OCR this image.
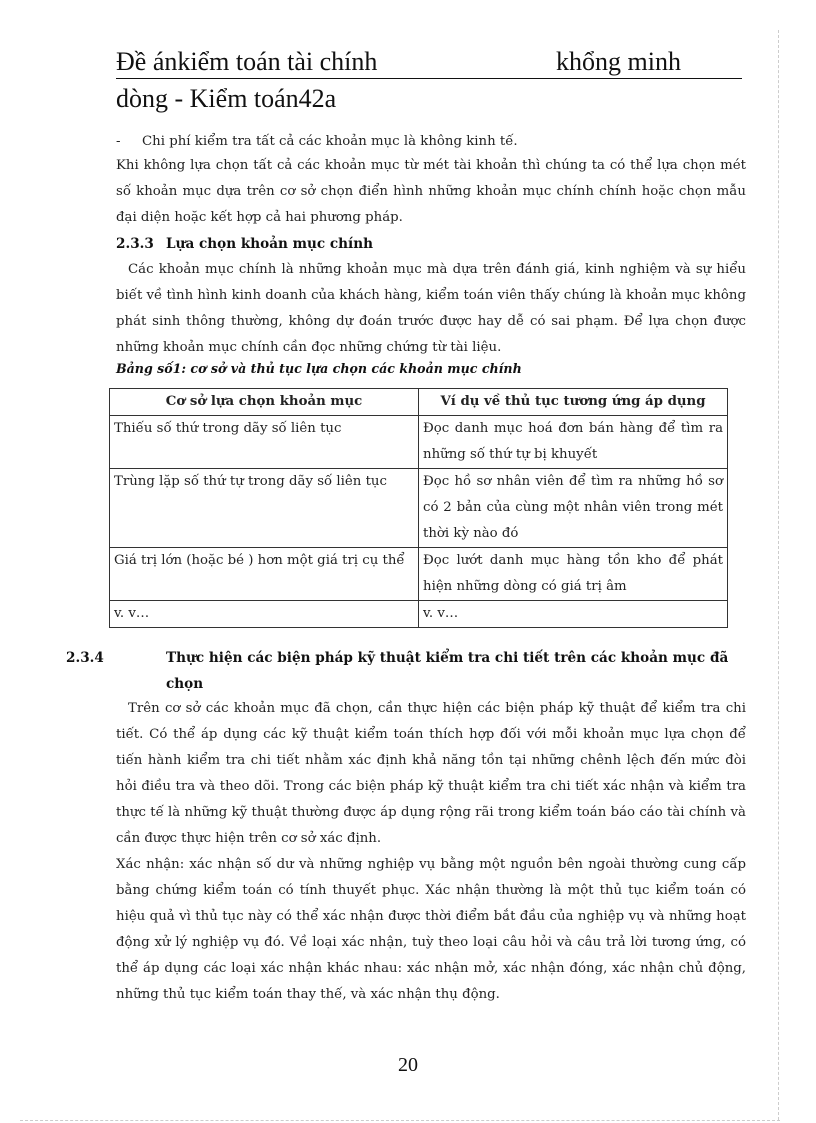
Đề ánkiểm toán tài chính	khổng minh
dòng - Kiểm toán42a
- Chi phí kiểm tra tất cả các khoản mục là không kinh tế.
Khi không lựa chọn tất cả các khoản mục từ mét tài khoản thì chúng ta có thể lựa chọn mét số khoản mục dựa trên cơ sở chọn điển hình những khoản mục chính chính hoặc chọn mẫu đại diện hoặc kết hợp cả hai phương pháp.
2.3.3 Lựa chọn khoản mục chính
Các khoản mục chính là những khoản mục mà dựa trên đánh giá, kinh nghiệm và sự hiểu biết về tình hình kinh doanh của khách hàng, kiểm toán viên thấy chúng là khoản mục không phát sinh thông thường, không dự đoán trước được hay dễ có sai phạm. Để lựa chọn được những khoản mục chính cần đọc những chứng từ tài liệu.
Bảng số1: cơ sở và thủ tục lựa chọn các khoản mục chính
Cơ sở lựa chọn khoản mục	Ví dụ về thủ tục tương ứng áp dụng
Thiếu số thứ trong dãy số liên tục	Đọc danh mục hoá đơn bán hàng để tìm ra những số thứ tự bị khuyết
Trùng lặp số thứ tự trong dãy số liên tục	Đọc hồ sơ nhân viên để tìm ra những hồ sơ có 2 bản của cùng một nhân viên trong mét thời kỳ nào đó
Giá trị lớn (hoặc bé ) hơn một giá trị cụ thể	Đọc lướt danh mục hàng tồn kho để phát hiện những dòng có giá trị âm
v. v…	v. v…
2.3.4	Thực hiện các biện pháp kỹ thuật kiểm tra chi tiết trên các khoản mục đã chọn
Trên cơ sở các khoản mục đã chọn, cần thực hiện các biện pháp kỹ thuật để kiểm tra chi tiết. Có thể áp dụng các kỹ thuật kiểm toán thích hợp đối với mỗi khoản mục lựa chọn để tiến hành kiểm tra chi tiết nhằm xác định khả năng tồn tại những chênh lệch đến mức đòi hỏi điều tra và theo dõi. Trong các biện pháp kỹ thuật kiểm tra chi tiết xác nhận và kiểm tra thực tế là những kỹ thuật thường được áp dụng rộng rãi trong kiểm toán báo cáo tài chính và cần được thực hiện trên cơ sở xác định.
Xác nhận: xác nhận số dư và những nghiệp vụ bằng một nguồn bên ngoài thường cung cấp bằng chứng kiểm toán có tính thuyết phục. Xác nhận thường là một thủ tục kiểm toán có hiệu quả vì thủ tục này có thể xác nhận được thời điểm bắt đầu của nghiệp vụ và những hoạt động xử lý nghiệp vụ đó. Về loại xác nhận, tuỳ theo loại câu hỏi và câu trả lời tương ứng, có thể áp dụng các loại xác nhận khác nhau: xác nhận mở, xác nhận đóng, xác nhận chủ động, những thủ tục kiểm toán thay thế, và xác nhận thụ động.
20
